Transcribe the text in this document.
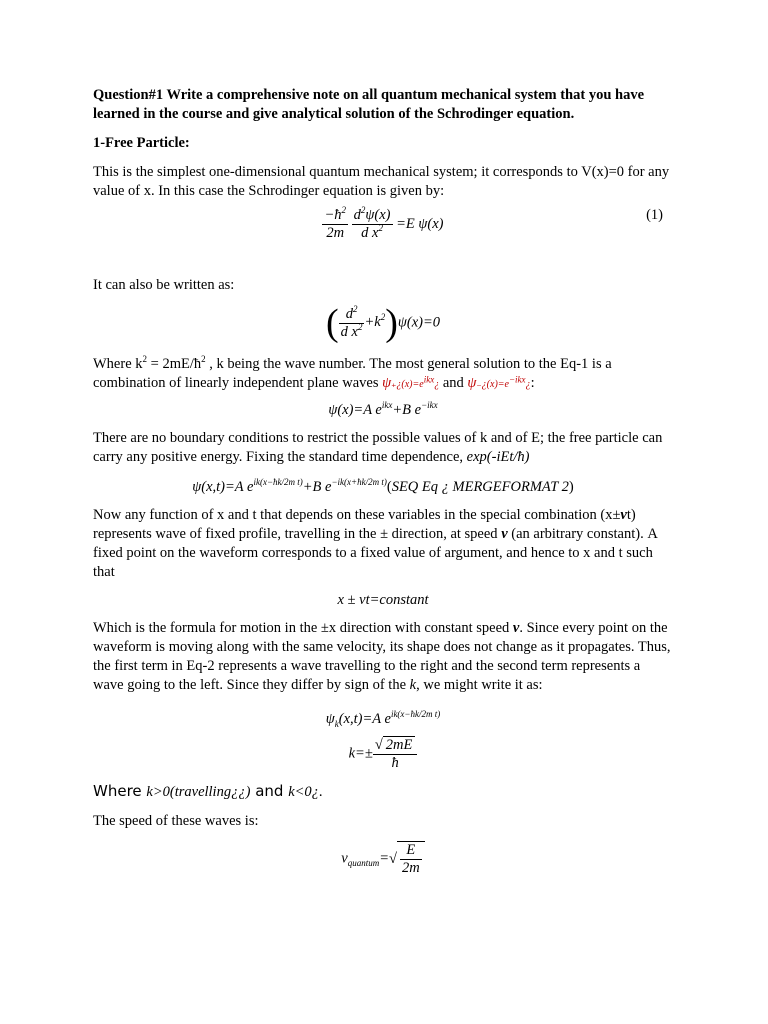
Question#1 Write a comprehensive note on all quantum mechanical system that you have learned in the course and give analytical solution of the Schrodinger equation.

1-Free Particle:

This is the simplest one-dimensional quantum mechanical system; it corresponds to V(x)=0 for any value of x. In this case the Schrodinger equation is given by:

$\frac{-ħ^2}{2m}$
$\frac{d^2\psi(x)}{d x^2} =E$ ψ(x)
(1)

It can also be written as:

( $\frac{d^2}{d x^2} +k^2)\psi(x)=0$

Where $k^2$ = $2mE/ħ^2$ , k being the wave number. The most general solution to the Eq-1 is a combination of linearly independent plane waves $\psi_+¿(x)=e^{ikx}¿$ and $\psi_-¿(x)=e^{-ikx}¿$:

ψ(x)=A $e^{ikx}+B$ $e^{-ikx}$

There are no boundary conditions to restrict the possible values of k and of E; the free particle can carry any positive energy. Fixing the standard time dependence, exp(-iEt/ħ)

ψ(x,t)=A $e^{ik(x-ħk/2m t)}+B$ $e^{-ik(x+ħk/2m t)}(SEQ$ Eq ¿ MERGEFORMAT 2)

Now any function of x and t that depends on these variables in the special combination (x±νt) represents wave of fixed profile, travelling in the ± direction, at speed ν (an arbitrary constant). A fixed point on the waveform corresponds to a fixed value of argument, and hence to x and t such that

x ± vt=constant

Which is the formula for motion in the ±x direction with constant speed ν. Since every point on the waveform is moving along with the same velocity, its shape does not change as it propagates. Thus, the first term in Eq-2 represents a wave travelling to the right and the second term represents a wave going to the left. Since they differ by sign of the k, we might write it as:

$\psi_k(x,t)=A$ $e^{ik(x-ħk/2m t)}$
$k=\pm \frac{√ 2mE}{ħ}$

Where k>0(travelling¿¿) and k<0¿.

The speed of these waves is:

$v_{quantum}=√ \frac{E}{2m}$
